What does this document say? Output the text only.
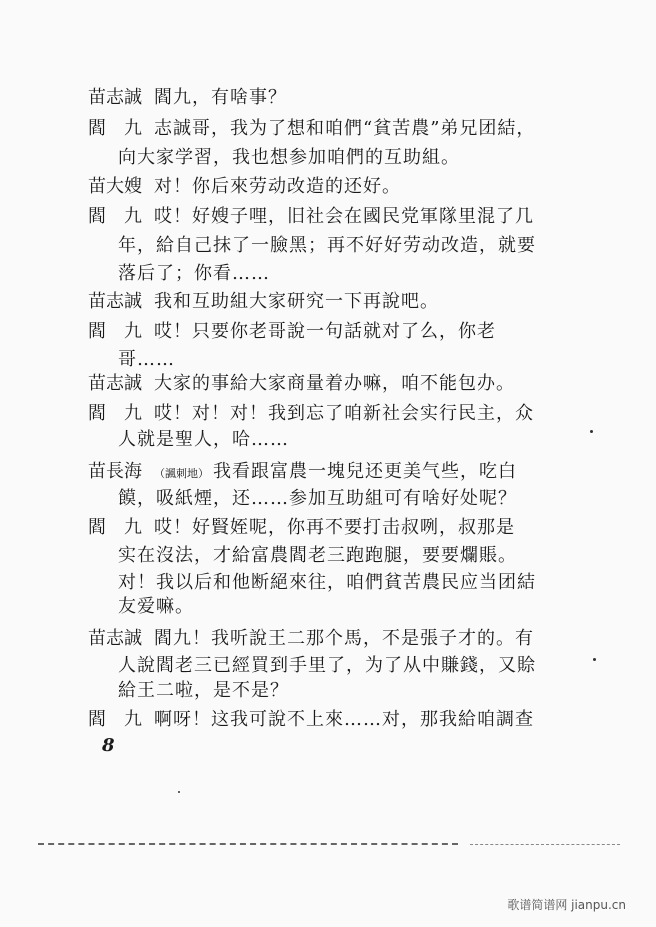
苗志誠 閻九，有啥事？
閻　九 志誠哥，我为了想和咱們“貧苦農”弟兄团結，
向大家学習，我也想参加咱們的互助組。
苗大嫂 对！你后來劳动改造的还好。
閻　九 哎！好嫂子哩，旧社会在國民党軍隊里混了几
年，給自己抹了一臉黑；再不好好劳动改造，就要
落后了；你看……
苗志誠 我和互助組大家研究一下再說吧。
閻　九 哎！只要你老哥說一句話就对了么，你老
哥……
苗志誠 大家的事給大家商量着办嘛，咱不能包办。
閻　九 哎！对！对！我到忘了咱新社会实行民主，众
人就是聖人，哈……
苗長海 （諷刺地） 我看跟富農一塊兒还更美气些，吃白
饃，吸紙煙，还……参加互助組可有啥好处呢？
閻　九 哎！好賢姪呢，你再不要打击叔咧，叔那是
实在沒法，才給富農閻老三跑跑腿，要要爛賬。
对！我以后和他断絕來往，咱們貧苦農民应当团結
友爱嘛。
苗志誠 閻九！我听說王二那个馬，不是張子才的。有
人說閻老三已經買到手里了，为了从中賺錢，又賒
給王二啦，是不是？
閻　九 啊呀！这我可說不上來……对，那我給咱調查
8
歌谱简谱网 jianpu.cn
